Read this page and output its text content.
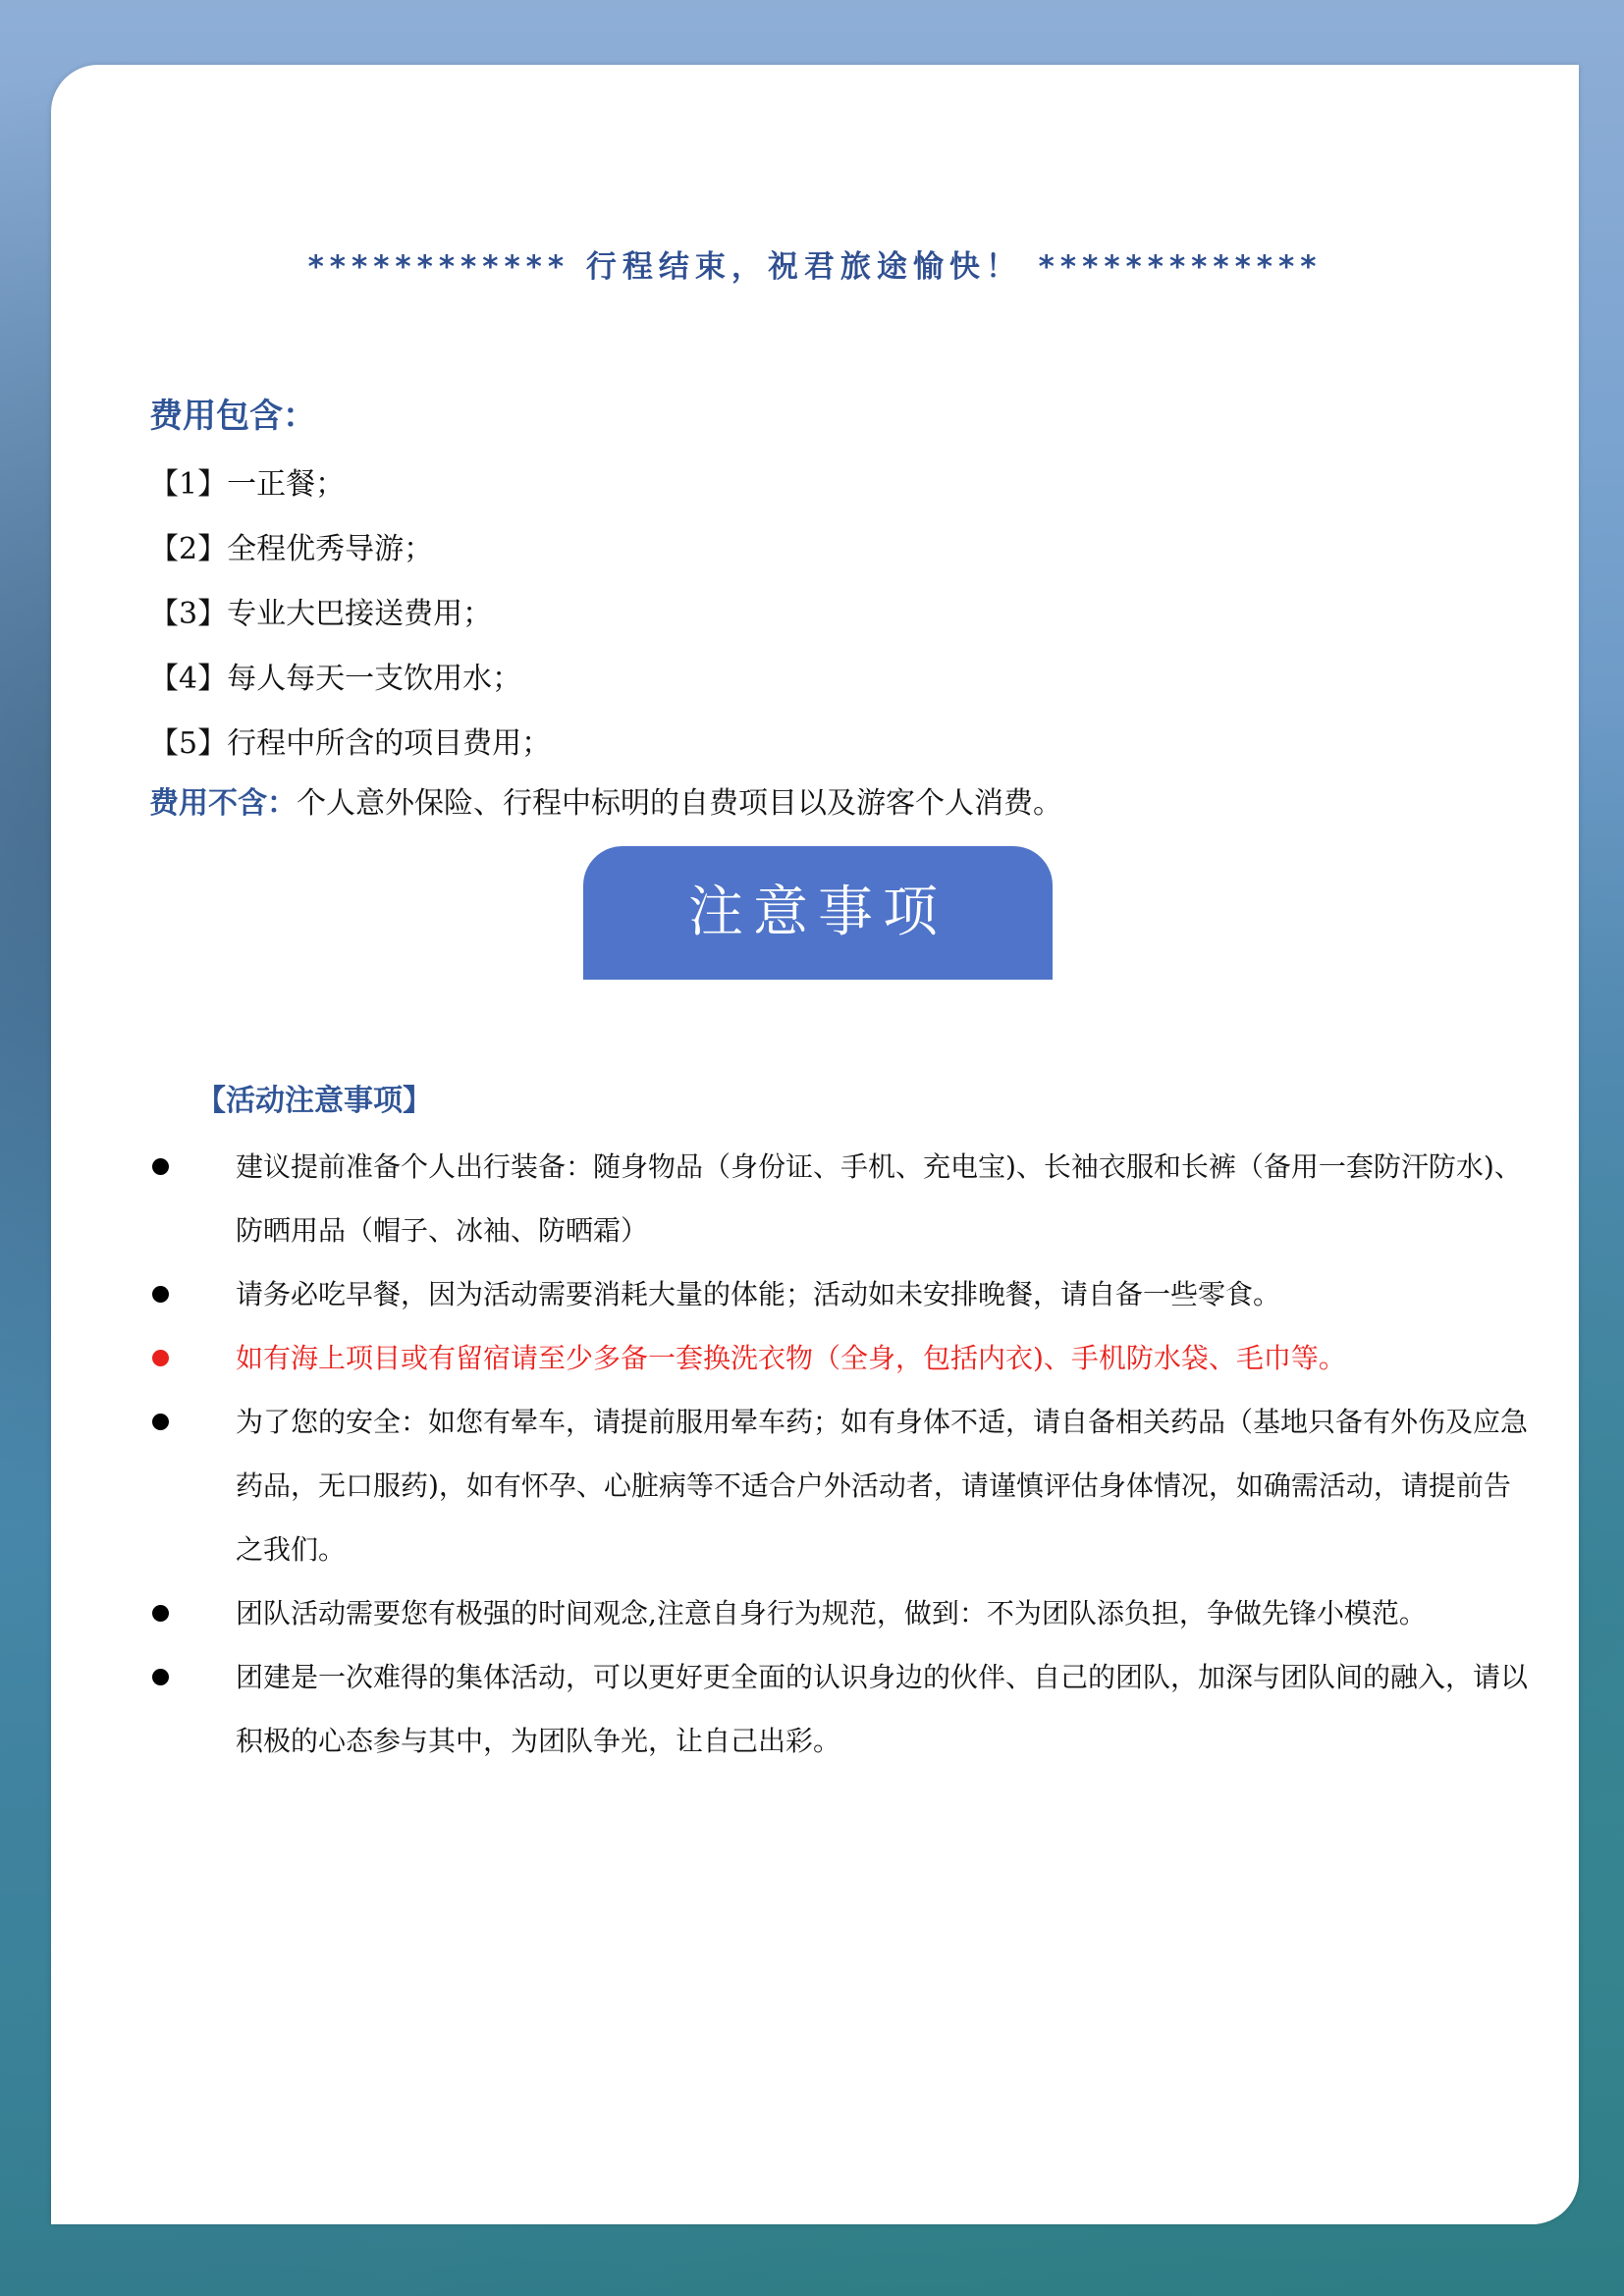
************ 行程结束，祝君旅途愉快！ *************
费用包含：
【1】一正餐；
【2】全程优秀导游；
【3】专业大巴接送费用；
【4】每人每天一支饮用水；
【5】行程中所含的项目费用；
费用不含：个人意外保险、行程中标明的自费项目以及游客个人消费。
注意事项
【活动注意事项】
建议提前准备个人出行装备：随身物品（身份证、手机、充电宝)、长袖衣服和长裤（备用一套防汗防水)、防晒用品（帽子、冰袖、防晒霜）
请务必吃早餐，因为活动需要消耗大量的体能；活动如未安排晚餐，请自备一些零食。
如有海上项目或有留宿请至少多备一套换洗衣物（全身，包括内衣)、手机防水袋、毛巾等。
为了您的安全：如您有晕车，请提前服用晕车药；如有身体不适，请自备相关药品（基地只备有外伤及应急药品，无口服药)，如有怀孕、心脏病等不适合户外活动者，请谨慎评估身体情况，如确需活动，请提前告之我们。
团队活动需要您有极强的时间观念,注意自身行为规范，做到：不为团队添负担，争做先锋小模范。
团建是一次难得的集体活动，可以更好更全面的认识身边的伙伴、自己的团队，加深与团队间的融入，请以积极的心态参与其中，为团队争光，让自己出彩。
